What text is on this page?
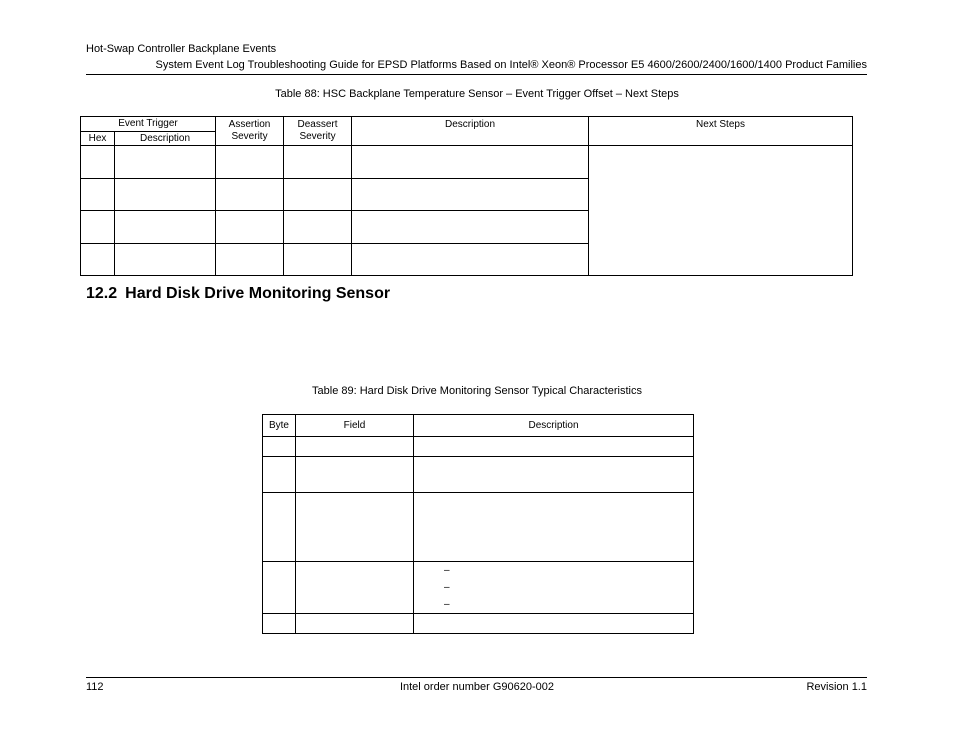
Hot-Swap Controller Backplane Events
System Event Log Troubleshooting Guide for EPSD Platforms Based on Intel® Xeon® Processor E5 4600/2600/2400/1600/1400 Product Families
Table 88: HSC Backplane Temperature Sensor – Event Trigger Offset – Next Steps
Event Trigger		Assertion Severity	Deassert Severity	Description	Next Steps
Hex	Description				

12.2 Hard Disk Drive Monitoring Sensor
Table 89: Hard Disk Drive Monitoring Sensor Typical Characteristics
Byte	Field	Description

		–
–
–

112	Intel order number G90620-002	Revision 1.1
